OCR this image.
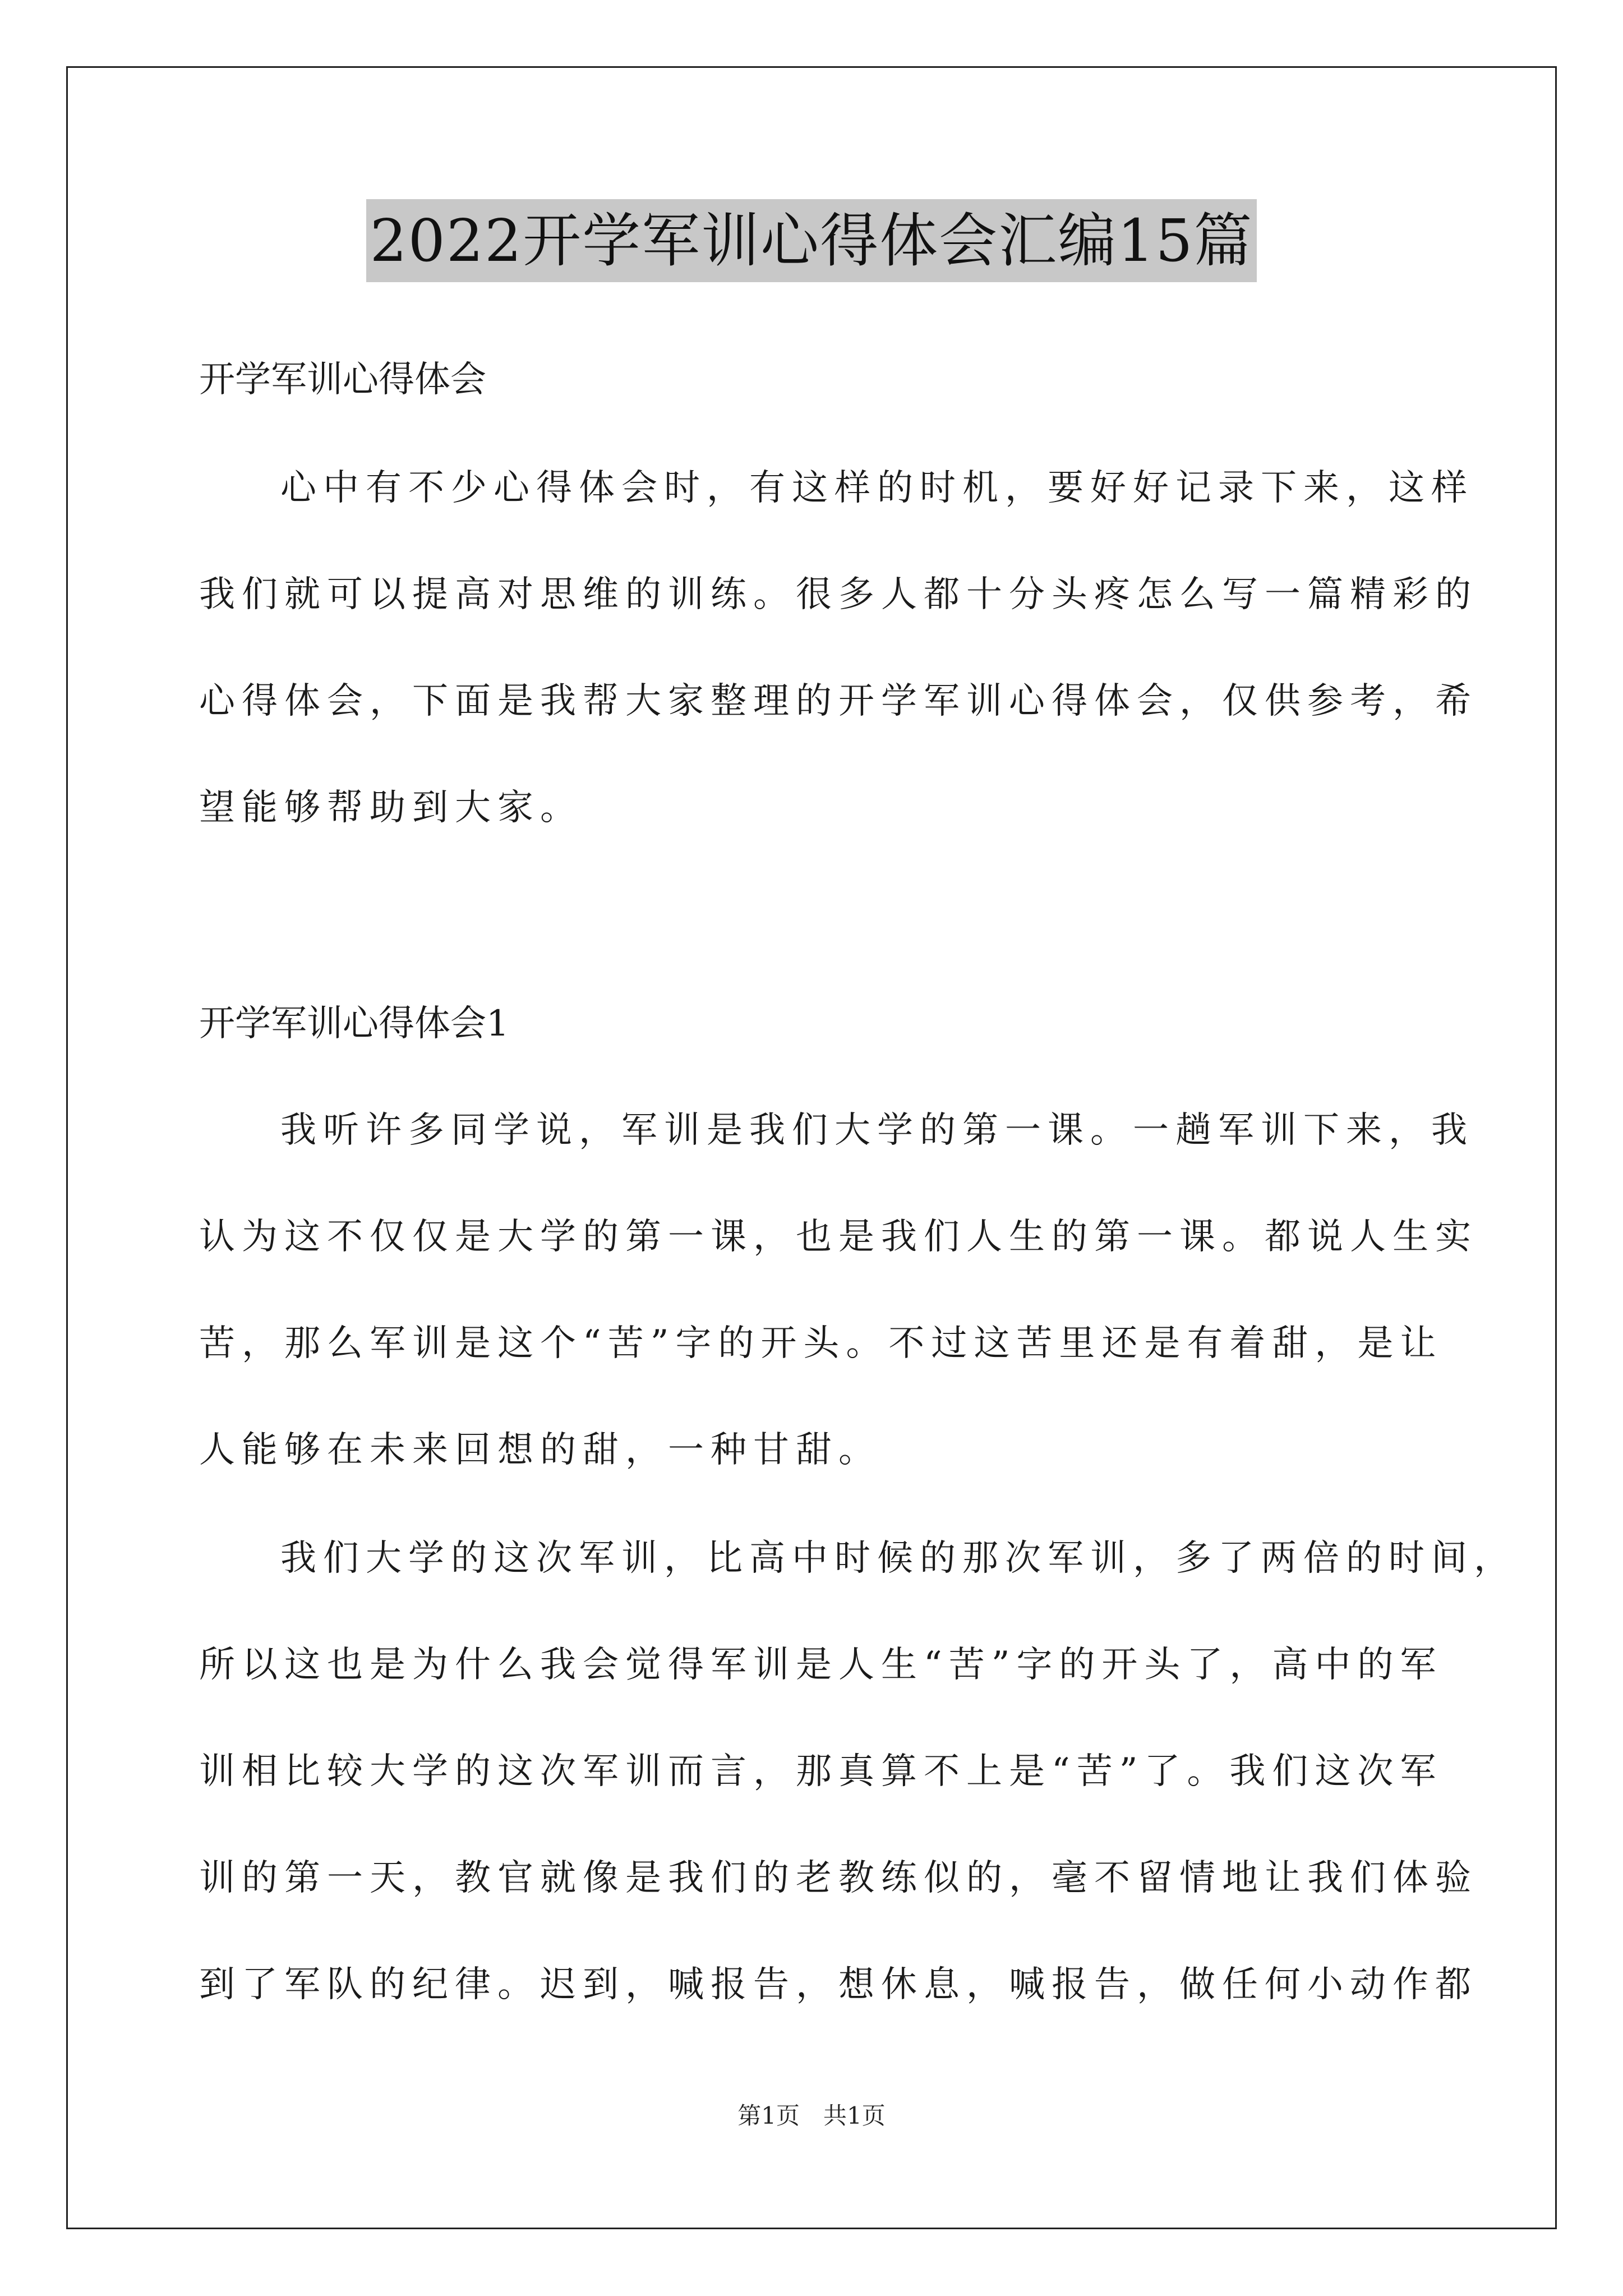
2022开学军训心得体会汇编15篇
开学军训心得体会
心中有不少心得体会时，有这样的时机，要好好记录下来，这样
我们就可以提高对思维的训练。很多人都十分头疼怎么写一篇精彩的
心得体会，下面是我帮大家整理的开学军训心得体会，仅供参考，希
望能够帮助到大家。
开学军训心得体会1
我听许多同学说，军训是我们大学的第一课。一趟军训下来，我
认为这不仅仅是大学的第一课，也是我们人生的第一课。都说人生实
苦，那么军训是这个“苦”字的开头。不过这苦里还是有着甜，是让
人能够在未来回想的甜，一种甘甜。
我们大学的这次军训，比高中时候的那次军训，多了两倍的时间，
所以这也是为什么我会觉得军训是人生“苦”字的开头了，高中的军
训相比较大学的这次军训而言，那真算不上是“苦”了。我们这次军
训的第一天，教官就像是我们的老教练似的，毫不留情地让我们体验
到了军队的纪律。迟到，喊报告，想休息，喊报告，做任何小动作都
第1页　共1页
